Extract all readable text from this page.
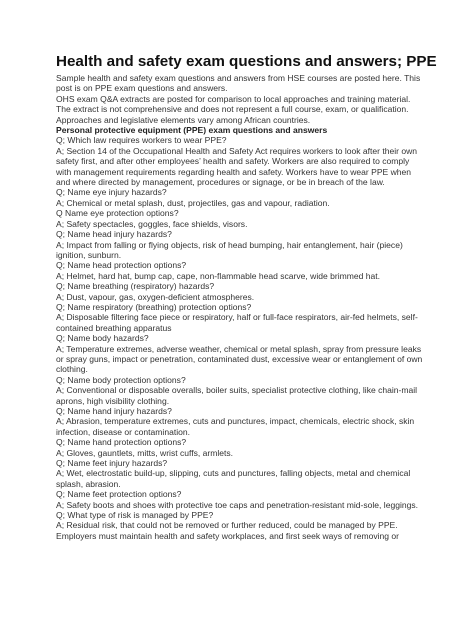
Health and safety exam questions and answers; PPE

Sample health and safety exam questions and answers from HSE courses are posted here. This post is on PPE exam questions and answers.

OHS exam Q&A extracts are posted for comparison to local approaches and training material. The extract is not comprehensive and does not represent a full course, exam, or qualification. Approaches and legislative elements vary among African countries.

Personal protective equipment (PPE) exam questions and answers

Q; Which law requires workers to wear PPE?

A; Section 14 of the Occupational Health and Safety Act requires workers to look after their own safety first, and after other employees’ health and safety. Workers are also required to comply with management requirements regarding health and safety. Workers have to wear PPE when and where directed by management, procedures or signage, or be in breach of the law.

Q; Name eye injury hazards?

A; Chemical or metal splash, dust, projectiles, gas and vapour, radiation.

Q Name eye protection options?

A; Safety spectacles, goggles, face shields, visors.

Q; Name head injury hazards?

A; Impact from falling or flying objects, risk of head bumping, hair entanglement, hair (piece) ignition, sunburn.

Q; Name head protection options?

A; Helmet, hard hat, bump cap, cape, non-flammable head scarve, wide brimmed hat.

Q; Name breathing (respiratory) hazards?

A; Dust, vapour, gas, oxygen-deficient atmospheres.

Q; Name respiratory (breathing) protection options?

A; Disposable filtering face piece or respiratory, half or full-face respirators, air-fed helmets, self-contained breathing apparatus

Q; Name body hazards?

A; Temperature extremes, adverse weather, chemical or metal splash, spray from pressure leaks or spray guns, impact or penetration, contaminated dust, excessive wear or entanglement of own clothing.

Q; Name body protection options?

A; Conventional or disposable overalls, boiler suits, specialist protective clothing, like chain-mail aprons, high visibility clothing.

Q; Name hand injury hazards?

A; Abrasion, temperature extremes, cuts and punctures, impact, chemicals, electric shock, skin infection, disease or contamination.

Q; Name hand protection options?

A; Gloves, gauntlets, mitts, wrist cuffs, armlets.

Q; Name feet injury hazards?

A; Wet, electrostatic build-up, slipping, cuts and punctures, falling objects, metal and chemical splash, abrasion.

Q; Name feet protection options?

A; Safety boots and shoes with protective toe caps and penetration-resistant mid-sole, leggings.

Q; What type of risk is managed by PPE?

A; Residual risk, that could not be removed or further reduced, could be managed by PPE. Employers must maintain health and safety workplaces, and first seek ways of removing or
